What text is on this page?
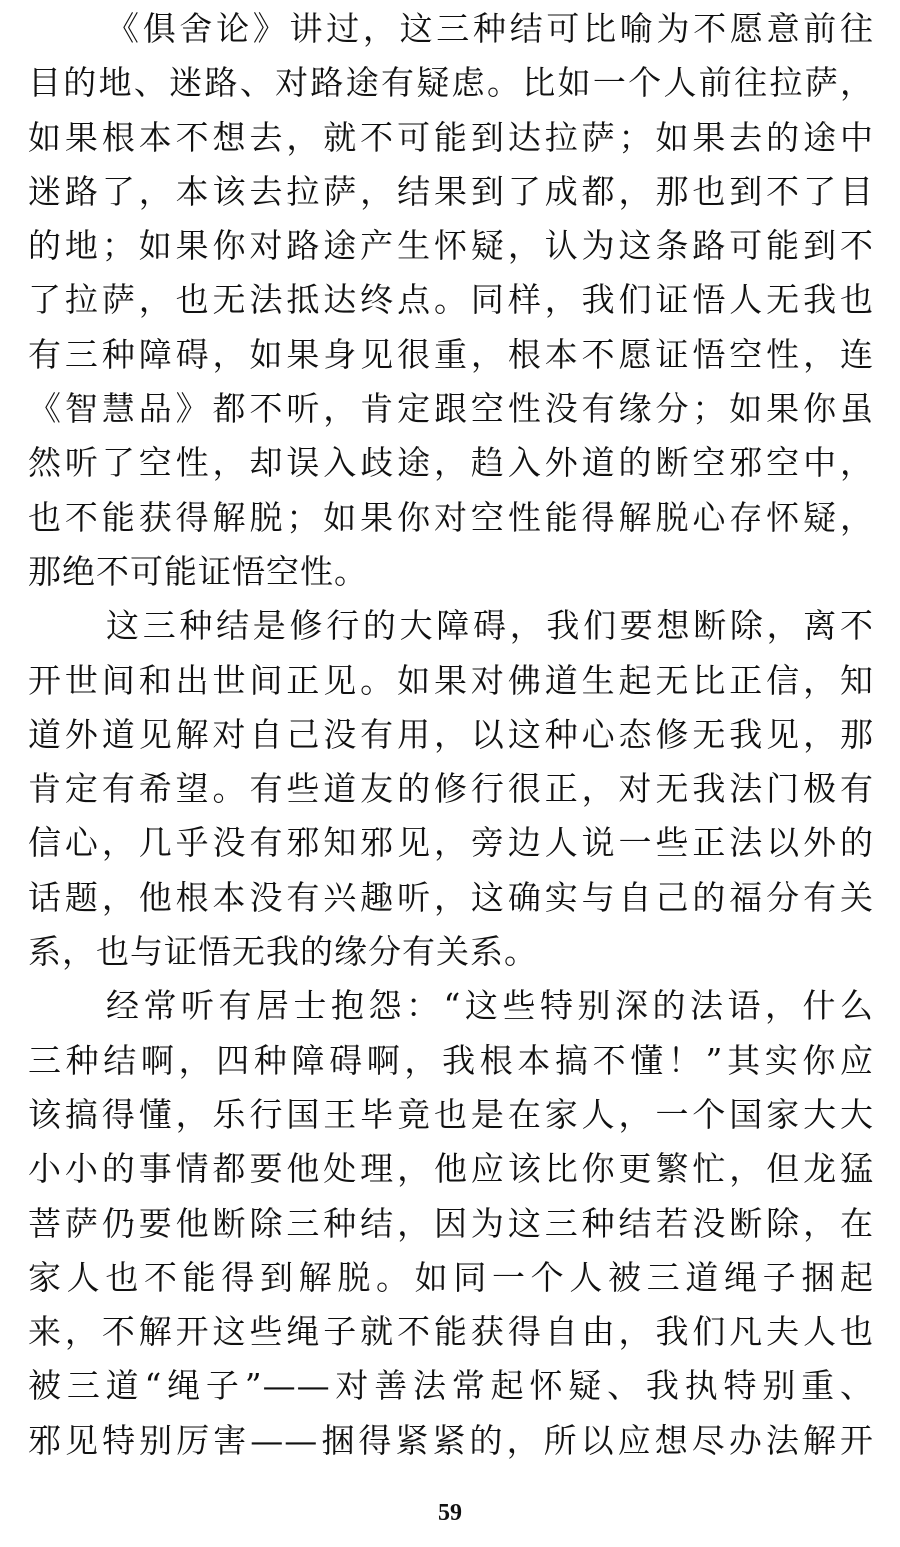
《俱舍论》讲过，这三种结可比喻为不愿意前往
目的地、迷路、对路途有疑虑。比如一个人前往拉萨，
如果根本不想去，就不可能到达拉萨；如果去的途中
迷路了，本该去拉萨，结果到了成都，那也到不了目
的地；如果你对路途产生怀疑，认为这条路可能到不
了拉萨，也无法抵达终点。同样，我们证悟人无我也
有三种障碍，如果身见很重，根本不愿证悟空性，连
《智慧品》都不听，肯定跟空性没有缘分；如果你虽
然听了空性，却误入歧途，趋入外道的断空邪空中，
也不能获得解脱；如果你对空性能得解脱心存怀疑，
那绝不可能证悟空性。
这三种结是修行的大障碍，我们要想断除，离不
开世间和出世间正见。如果对佛道生起无比正信，知
道外道见解对自己没有用，以这种心态修无我见，那
肯定有希望。有些道友的修行很正，对无我法门极有
信心，几乎没有邪知邪见，旁边人说一些正法以外的
话题，他根本没有兴趣听，这确实与自己的福分有关
系，也与证悟无我的缘分有关系。
经常听有居士抱怨：“这些特别深的法语，什么
三种结啊，四种障碍啊，我根本搞不懂！”其实你应
该搞得懂，乐行国王毕竟也是在家人，一个国家大大
小小的事情都要他处理，他应该比你更繁忙，但龙猛
菩萨仍要他断除三种结，因为这三种结若没断除，在
家人也不能得到解脱。如同一个人被三道绳子捆起
来，不解开这些绳子就不能获得自由，我们凡夫人也
被三道“绳子”——对善法常起怀疑、我执特别重、
邪见特别厉害——捆得紧紧的，所以应想尽办法解开
59
